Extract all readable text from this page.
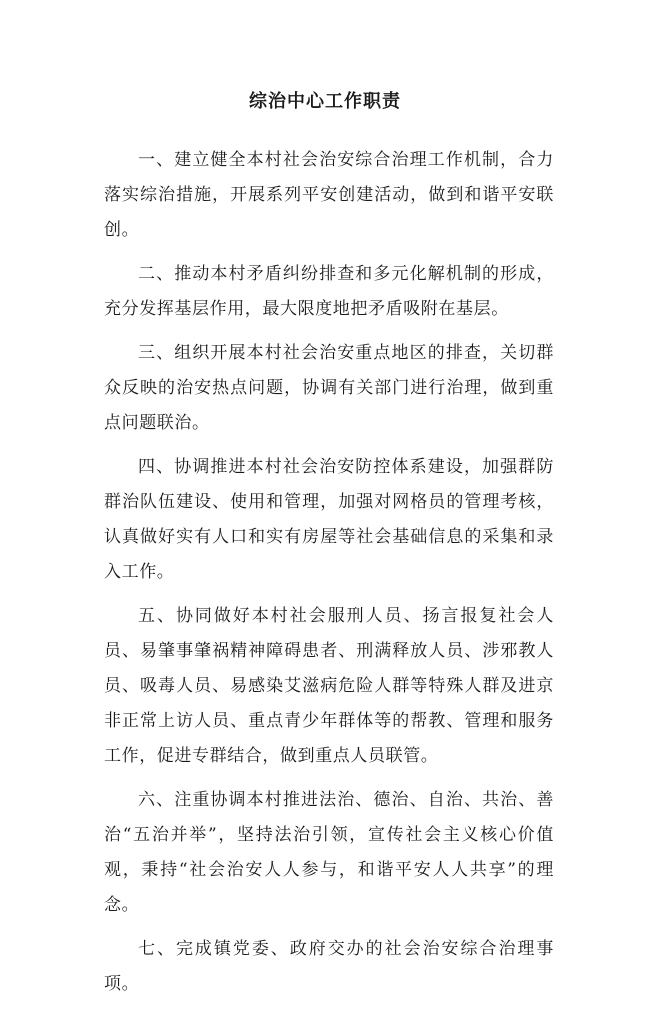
综治中心工作职责

一、建立健全本村社会治安综合治理工作机制，合力落实综治措施，开展系列平安创建活动，做到和谐平安联创。

二、推动本村矛盾纠纷排查和多元化解机制的形成，充分发挥基层作用，最大限度地把矛盾吸附在基层。

三、组织开展本村社会治安重点地区的排查，关切群众反映的治安热点问题，协调有关部门进行治理，做到重点问题联治。

四、协调推进本村社会治安防控体系建设，加强群防群治队伍建设、使用和管理，加强对网格员的管理考核，认真做好实有人口和实有房屋等社会基础信息的采集和录入工作。

五、协同做好本村社会服刑人员、扬言报复社会人员、易肇事肇祸精神障碍患者、刑满释放人员、涉邪教人员、吸毒人员、易感染艾滋病危险人群等特殊人群及进京非正常上访人员、重点青少年群体等的帮教、管理和服务工作，促进专群结合，做到重点人员联管。

六、注重协调本村推进法治、德治、自治、共治、善治“五治并举”，坚持法治引领，宣传社会主义核心价值观，秉持“社会治安人人参与，和谐平安人人共享”的理念。

七、完成镇党委、政府交办的社会治安综合治理事项。
